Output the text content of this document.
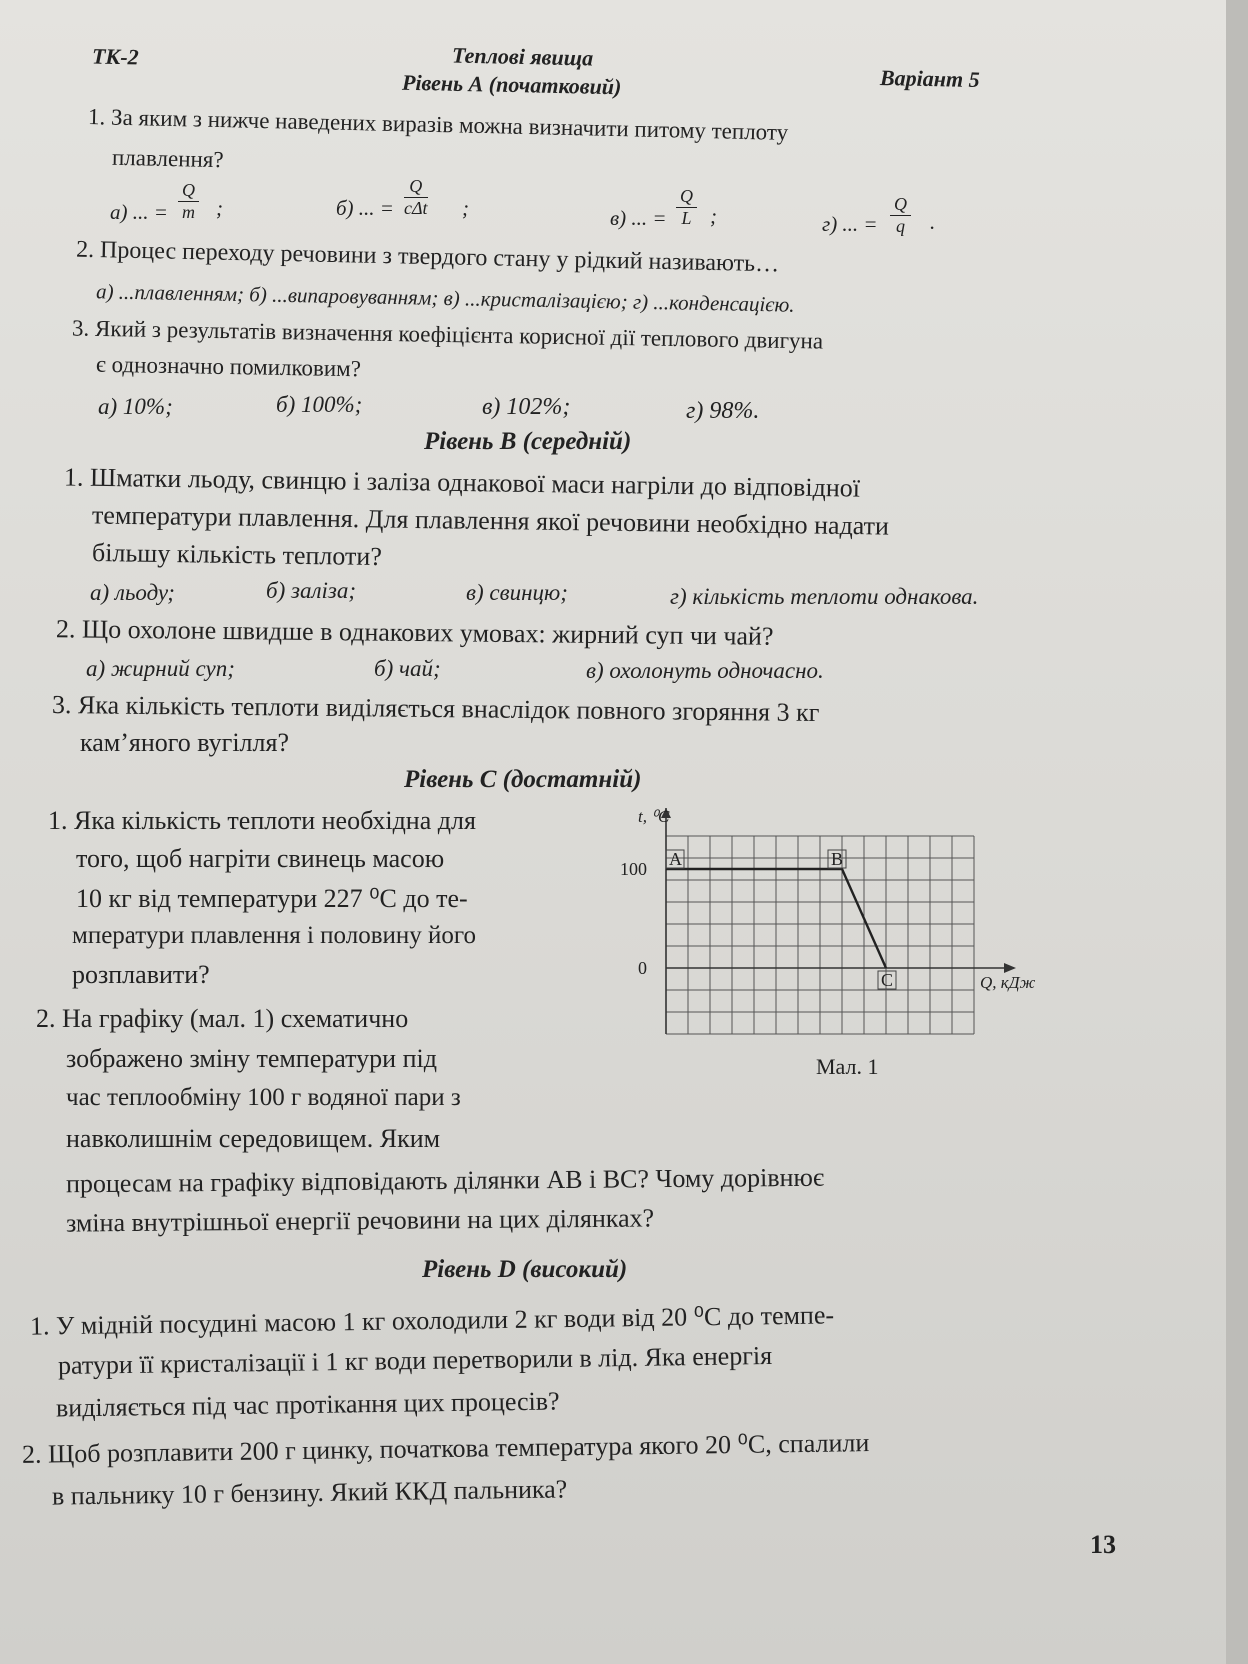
ТК-2	Теплові явища
Варіант 5
Рівень А (початковий)
1. За яким з нижче наведених виразів можна визначити питому теплоту
плавлення?
а) ... = $\frac{Q}{m}$ ;	б) ... =
Q
cΔt ;	в) ... = $\frac{Q}{L}$ ;	г) ... = $\frac{Q}{q}$ .
2. Процес переходу речовини з твердого стану у рідкий називають…
а) ...плавленням; б) ...випаровуванням; в) ...кристалізацією; г) ...конденсацією.
3. Який з результатів визначення коефіцієнта корисної дії теплового двигуна
є однозначно помилковим?
а) 10%;	б) 100%;	в) 102%;	г) 98%.
Рівень В (середній)
1. Шматки льоду, свинцю і заліза однакової маси нагріли до відповідної
температури плавлення. Для плавлення якої речовини необхідно надати
більшу кількість теплоти?
а) льоду;	б) заліза;	в) свинцю;	г) кількість теплоти однакова.
2. Що охолоне швидше в однакових умовах: жирний суп чи чай?
а) жирний суп;	б) чай;	в) охолонуть одночасно.
3. Яка кількість теплоти виділяється внаслідок повного згоряння 3 кг
кам’яного вугілля?
Рівень С (достатній)
1. Яка кількість теплоти необхідна для
того, щоб нагріти свинець масою
10 кг від температури 227 ⁰С до те-
мператури плавлення і половину його
розплавити?
2. На графіку (мал. 1) схематично
зображено зміну температури під
час теплообміну 100 г водяної пари з
навколишнім середовищем. Яким
процесам на графіку відповідають ділянки АВ і ВС? Чому дорівнює
зміна внутрішньої енергії речовини на цих ділянках?
t, ⁰C
100
0
Q, кДж
A	B
C
Мал. 1
Рівень D (високий)
1. У мідній посудині масою 1 кг охолодили 2 кг води від 20 ⁰С до темпе-
ратури її кристалізації і 1 кг води перетворили в лід. Яка енергія
виділяється під час протікання цих процесів?
2. Щоб розплавити 200 г цинку, початкова температура якого 20 ⁰С, спалили
в пальнику 10 г бензину. Який ККД пальника?
13
